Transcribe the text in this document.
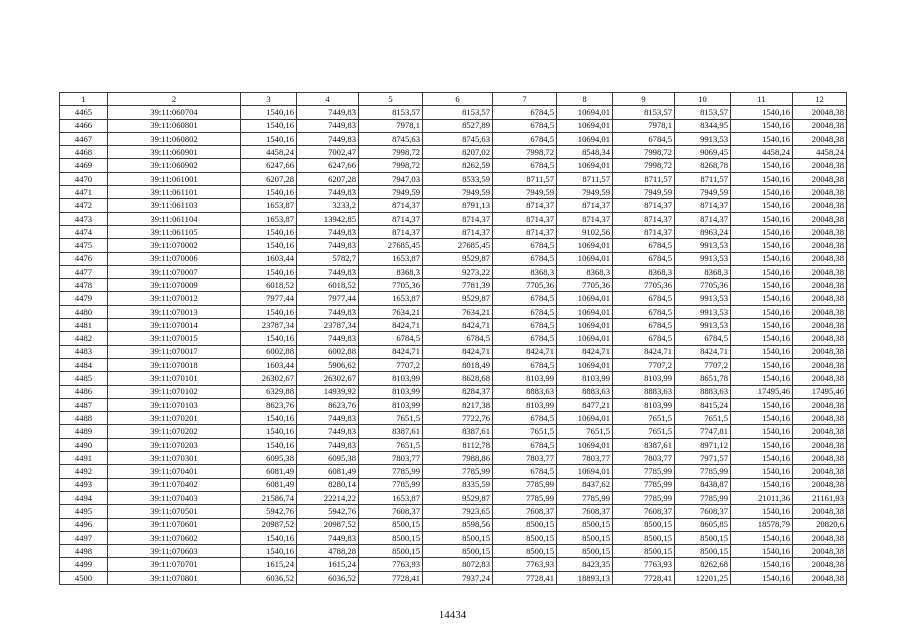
1	2	3	4	5	6	7	8	9	10	11	12
4465	39:11:060704	1540,16	7449,83	8153,57	8153,57	6784,5	10694,01	8153,57	8153,57	1540,16	20048,38
4466	39:11:060801	1540,16	7449,83	7978,1	8527,89	6784,5	10694,01	7978,1	8344,95	1540,16	20048,38
4467	39:11:060802	1540,16	7449,83	8745,63	8745,63	6784,5	10694,01	6784,5	9913,53	1540,16	20048,38
4468	39:11:060901	4458,24	7002,47	7998,72	8207,02	7998,72	8548,34	7998,72	9069,45	4458,24	4458,24
4469	39:11:060902	6247,66	6247,66	7998,72	8262,59	6784,5	10694,01	7998,72	8268,78	1540,16	20048,38
4470	39:11:061001	6207,28	6207,28	7947,03	8533,59	8711,57	8711,57	8711,57	8711,57	1540,16	20048,38
4471	39:11:061101	1540,16	7449,83	7949,59	7949,59	7949,59	7949,59	7949,59	7949,59	1540,16	20048,38
4472	39:11:061103	1653,87	3233,2	8714,37	8791,13	8714,37	8714,37	8714,37	8714,37	1540,16	20048,38
4473	39:11:061104	1653,87	13942,85	8714,37	8714,37	8714,37	8714,37	8714,37	8714,37	1540,16	20048,38
4474	39:11:061105	1540,16	7449,83	8714,37	8714,37	8714,37	9102,56	8714,37	8963,24	1540,16	20048,38
4475	39:11:070002	1540,16	7449,83	27685,45	27685,45	6784,5	10694,01	6784,5	9913,53	1540,16	20048,38
4476	39:11:070006	1603,44	5782,7	1653,87	9529,87	6784,5	10694,01	6784,5	9913,53	1540,16	20048,38
4477	39:11:070007	1540,16	7449,83	8368,3	9273,22	8368,3	8368,3	8368,3	8368,3	1540,16	20048,38
4478	39:11:070009	6018,52	6018,52	7705,36	7781,39	7705,36	7705,36	7705,36	7705,36	1540,16	20048,38
4479	39:11:070012	7977,44	7977,44	1653,87	9529,87	6784,5	10694,01	6784,5	9913,53	1540,16	20048,38
4480	39:11:070013	1540,16	7449,83	7634,21	7634,21	6784,5	10694,01	6784,5	9913,53	1540,16	20048,38
4481	39:11:070014	23787,34	23787,34	8424,71	8424,71	6784,5	10694,01	6784,5	9913,53	1540,16	20048,38
4482	39:11:070015	1540,16	7449,83	6784,5	6784,5	6784,5	10694,01	6784,5	6784,5	1540,16	20048,38
4483	39:11:070017	6002,88	6002,88	8424,71	8424,71	8424,71	8424,71	8424,71	8424,71	1540,16	20048,38
4484	39:11:070018	1603,44	5906,62	7707,2	8018,49	6784,5	10694,01	7707,2	7707,2	1540,16	20048,38
4485	39:11:070101	26302,67	26302,67	8103,99	8628,68	8103,99	8103,99	8103,99	8651,78	1540,16	20048,38
4486	39:11:070102	6329,88	14939,92	8103,99	8284,37	8883,63	8883,63	8883,63	8883,63	17495,46	17495,46
4487	39:11:070103	8623,76	8623,76	8103,99	8217,38	8103,99	8477,21	8103,99	8415,24	1540,16	20048,38
4488	39:11:070201	1540,16	7449,83	7651,5	7722,76	6784,5	10694,01	7651,5	7651,5	1540,16	20048,38
4489	39:11:070202	1540,16	7449,83	8387,61	8387,61	7651,5	7651,5	7651,5	7747,81	1540,16	20048,38
4490	39:11:070203	1540,16	7449,83	7651,5	8112,78	6784,5	10694,01	8387,61	8971,12	1540,16	20048,38
4491	39:11:070301	6095,38	6095,38	7803,77	7988,86	7803,77	7803,77	7803,77	7971,57	1540,16	20048,38
4492	39:11:070401	6081,49	6081,49	7785,99	7785,99	6784,5	10694,01	7785,99	7785,99	1540,16	20048,38
4493	39:11:070402	6081,49	8280,14	7785,99	8335,59	7785,99	8437,62	7785,99	8438,87	1540,16	20048,38
4494	39:11:070403	21586,74	22214,22	1653,87	9529,87	7785,99	7785,99	7785,99	7785,99	21011,36	21161,93
4495	39:11:070501	5942,76	5942,76	7608,37	7923,65	7608,37	7608,37	7608,37	7608,37	1540,16	20048,38
4496	39:11:070601	20987,52	20987,52	8500,15	8598,56	8500,15	8500,15	8500,15	8605,85	18578,79	20820,6
4497	39:11:070602	1540,16	7449,83	8500,15	8500,15	8500,15	8500,15	8500,15	8500,15	1540,16	20048,38
4498	39:11:070603	1540,16	4788,28	8500,15	8500,15	8500,15	8500,15	8500,15	8500,15	1540,16	20048,38
4499	39:11:070701	1615,24	1615,24	7763,93	8072,83	7763,93	8423,35	7763,93	8262,68	1540,16	20048,38
4500	39:11:070801	6036,52	6036,52	7728,41	7937,24	7728,41	18893,13	7728,41	12201,25	1540,16	20048,38
14434
